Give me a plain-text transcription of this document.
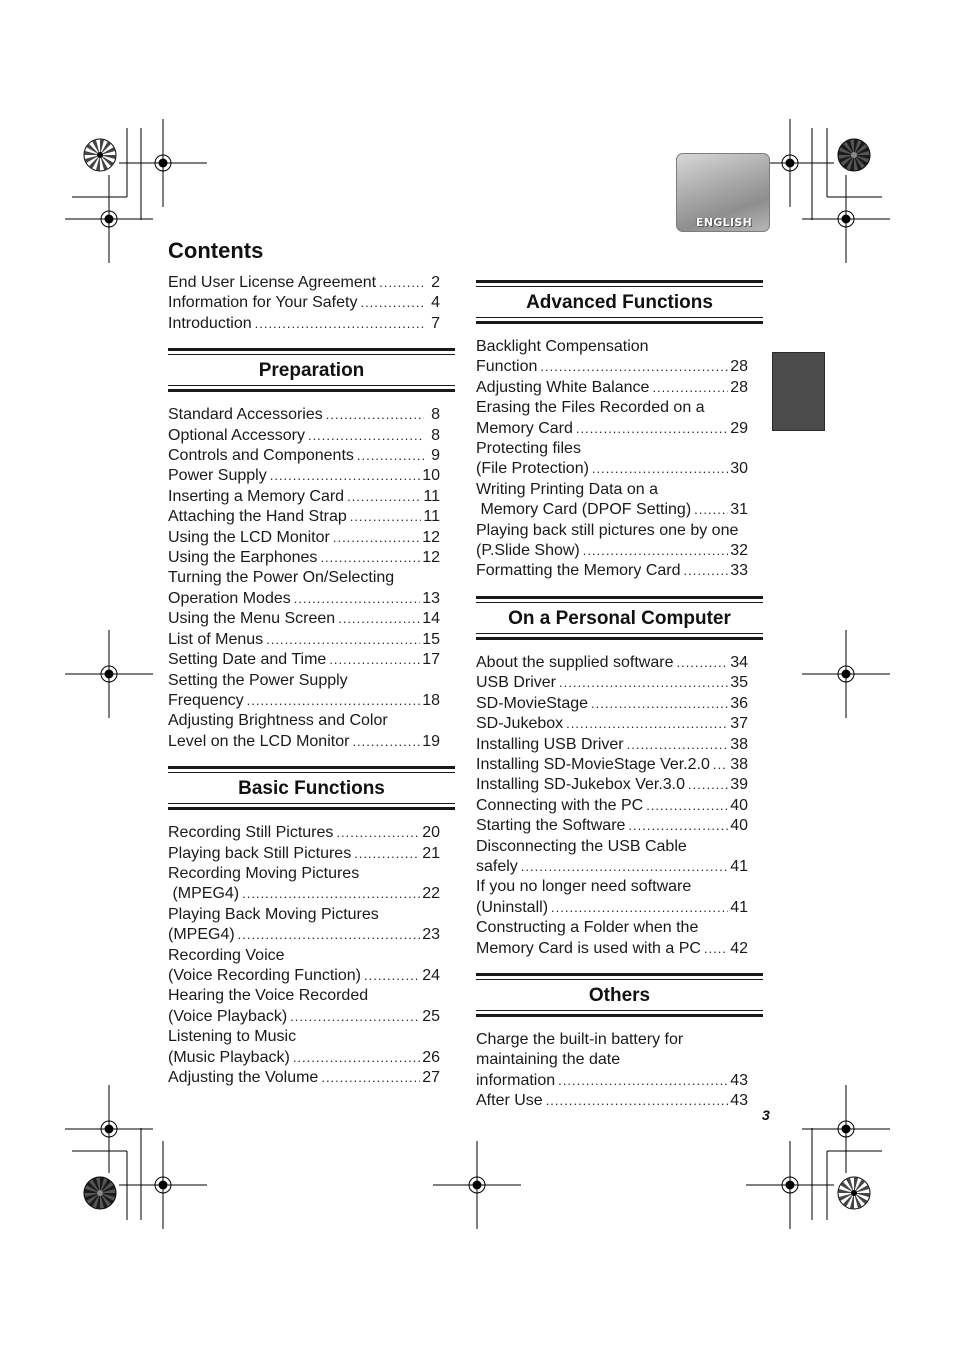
ENGLISH
Contents
End User License Agreement .....	2
Information for Your Safety .....	4
Introduction .....	7
Preparation
Standard Accessories .....	8
Optional Accessory .....	8
Controls and Components .....	9
Power Supply .....	10
Inserting a Memory Card .....	11
Attaching the Hand Strap .....	11
Using the LCD Monitor .....	12
Using the Earphones .....	12
Turning the Power On/Selecting
Operation Modes .....	13
Using the Menu Screen .....	14
List of Menus .....	15
Setting Date and Time .....	17
Setting the Power Supply
Frequency .....	18
Adjusting Brightness and Color
Level on the LCD Monitor .....	19
Basic Functions
Recording Still Pictures .....	20
Playing back Still Pictures .....	21
Recording Moving Pictures
(MPEG4) .....	22
Playing Back Moving Pictures
(MPEG4) .....	23
Recording Voice
(Voice Recording Function) .....	24
Hearing the Voice Recorded
(Voice Playback) .....	25
Listening to Music
(Music Playback) .....	26
Adjusting the Volume .....	27
Advanced Functions
Backlight Compensation
Function .....	28
Adjusting White Balance .....	28
Erasing the Files Recorded on a
Memory Card .....	29
Protecting files
(File Protection) .....	30
Writing Printing Data on a
Memory Card (DPOF Setting) ..... 31
Playing back still pictures one by one
(P.Slide Show) .....	32
Formatting the Memory Card .....	33
On a Personal Computer
About the supplied software .....	34
USB Driver .....	35
SD-MovieStage .....	36
SD-Jukebox .....	37
Installing USB Driver .....	38
Installing SD-MovieStage Ver.2.0 ..... 38
Installing SD-Jukebox Ver.3.0 .....	39
Connecting with the PC .....	40
Starting the Software .....	40
Disconnecting the USB Cable
safely .....	41
If you no longer need software
(Uninstall) .....	41
Constructing a Folder when the
Memory Card is used with a PC ..... 42
Others
Charge the built-in battery for
maintaining the date
information .....	43
After Use .....	43
3
